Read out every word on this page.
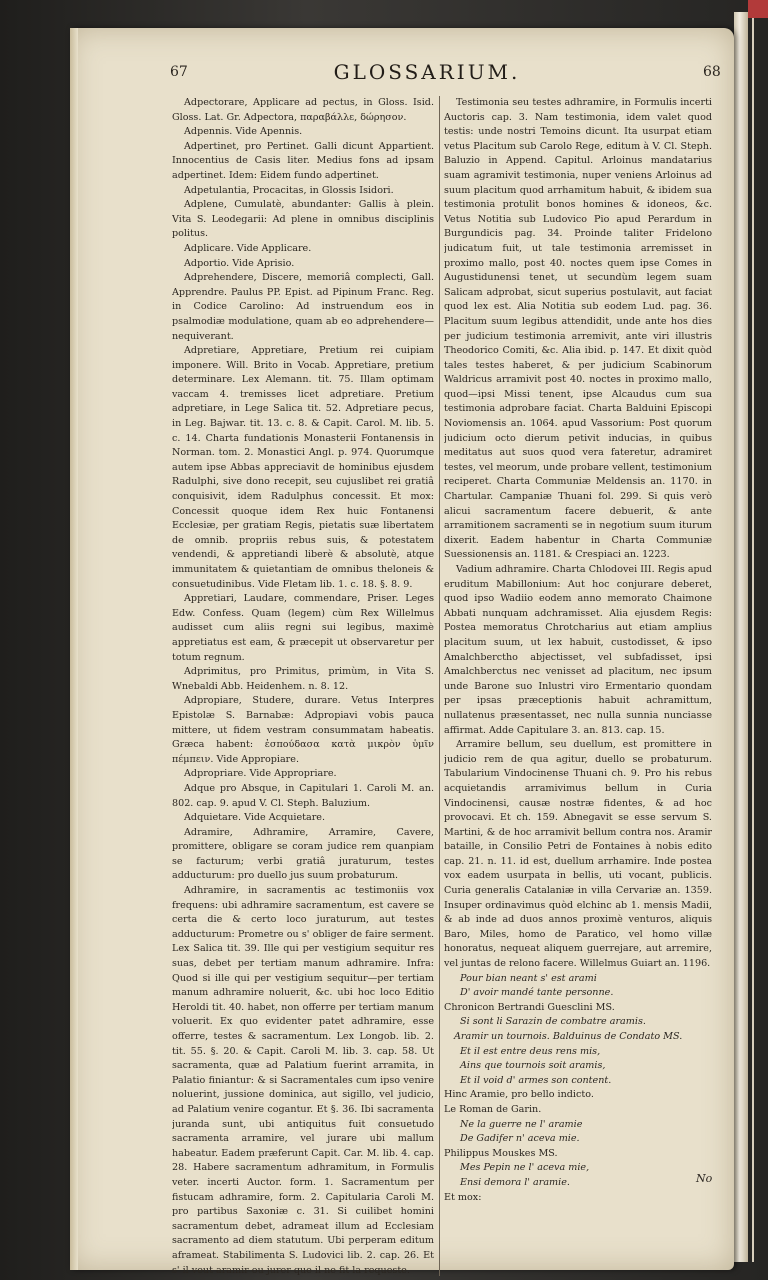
67	GLOSSARIUM.	68

Adpectorare, Applicare ad pectus, in Gloss. Isid. Gloss. Lat. Gr. Adpectora, παραβάλλε, δώρησον.

Adpennis. Vide Apennis.

Adpertinet, pro Pertinet. Galli dicunt Appartient. Innocentius de Casis liter. Medius fons ad ipsam adpertinet. Idem: Eidem fundo adpertinet.

Adpetulantia, Procacitas, in Glossis Isidori.

Adplene, Cumulatè, abundanter: Gallis à plein. Vita S. Leodegarii: Ad plene in omnibus disciplinis politus.

Adplicare. Vide Applicare.

Adportio. Vide Aprisio.

Adprehendere, Discere, memoriâ complecti, Gall. Apprendre. Paulus PP. Epist. ad Pipinum Franc. Reg. in Codice Carolino: Ad instruendum eos in psalmodiæ modulatione, quam ab eo adprehendere—nequiverant.

Adpretiare, Appretiare, Pretium rei cuipiam imponere. Will. Brito in Vocab. Appretiare, pretium determinare. Lex Alemann. tit. 75. Illam optimam vaccam 4. tremisses licet adpretiare. Pretium adpretiare, in Lege Salica tit. 52. Adpretiare pecus, in Leg. Bajwar. tit. 13. c. 8. & Capit. Carol. M. lib. 5. c. 14. Charta fundationis Monasterii Fontanensis in Norman. tom. 2. Monastici Angl. p. 974. Quorumque autem ipse Abbas appreciavit de hominibus ejusdem Radulphi, sive dono recepit, seu cujuslibet rei gratiâ conquisivit, idem Radulphus concessit. Et mox: Concessit quoque idem Rex huic Fontanensi Ecclesiæ, per gratiam Regis, pietatis suæ libertatem de omnib. propriis rebus suis, & potestatem vendendi, & appretiandi liberè & absolutè, atque immunitatem & quietantiam de omnibus theloneis & consuetudinibus. Vide Fletam lib. 1. c. 18. §. 8. 9.

Appretiari, Laudare, commendare, Priser. Leges Edw. Confess. Quam (legem) cùm Rex Willelmus audisset cum aliis regni sui legibus, maximè appretiatus est eam, & præcepit ut observaretur per totum regnum.

Adprimitus, pro Primitus, primùm, in Vita S. Wnebaldi Abb. Heidenhem. n. 8. 12.

Adpropiare, Studere, durare. Vetus Interpres Epistolæ S. Barnabæ: Adpropiavi vobis pauca mittere, ut fidem vestram consummatam habeatis. Græca habent: ἐσπούδασα κατὰ μικρὸν ὑμῖν πέμπειν. Vide Appropiare.

Adpropriare. Vide Appropriare.

Adque pro Absque, in Capitulari 1. Caroli M. an. 802. cap. 9. apud V. Cl. Steph. Baluzium.

Adquietare. Vide Acquietare.

Adramire, Adhramire, Arramire, Cavere, promittere, obligare se coram judice rem quanpiam se facturum; verbi gratiâ juraturum, testes adducturum: pro duello jus suum probaturum.

Adhramire, in sacramentis ac testimoniis vox frequens: ubi adhramire sacramentum, est cavere se certa die & certo loco juraturum, aut testes adducturum: Prometre ou s' obliger de faire serment. Lex Salica tit. 39. Ille qui per vestigium sequitur res suas, debet per tertiam manum adhramire. Infra: Quod si ille qui per vestigium sequitur—per tertiam manum adhramire noluerit, &c. ubi hoc loco Editio Heroldi tit. 40. habet, non offerre per tertiam manum voluerit. Ex quo evidenter patet adhramire, esse offerre, testes & sacramentum. Lex Longob. lib. 2. tit. 55. §. 20. & Capit. Caroli M. lib. 3. cap. 58. Ut sacramenta, quæ ad Palatium fuerint arramita, in Palatio finiantur: & si Sacramentales cum ipso venire noluerint, jussione dominica, aut sigillo, vel judicio, ad Palatium venire cogantur. Et §. 36. Ibi sacramenta juranda sunt, ubi antiquitus fuit consuetudo sacramenta arramire, vel jurare ubi mallum habeatur. Eadem præferunt Capit. Car. M. lib. 4. cap. 28. Habere sacramentum adhramitum, in Formulis veter. incerti Auctor. form. 1. Sacramentum per fistucam adhramire, form. 2. Capitularia Caroli M. pro partibus Saxoniæ c. 31. Si cuilibet homini sacramentum debet, adrameat illum ad Ecclesiam sacramento ad diem statutum. Ubi perperam editum aframeat. Stabilimenta S. Ludovici lib. 2. cap. 26. Et s' il veut aramir ou jurer que il ne fit la requeste.

Testimonia seu testes adhramire, in Formulis incerti Auctoris cap. 3. Nam testimonia, idem valet quod testis: unde nostri Temoins dicunt. Ita usurpat etiam vetus Placitum sub Carolo Rege, editum à V. Cl. Steph. Baluzio in Append. Capitul. Arloinus mandatarius suam agramivit testimonia, nuper veniens Arloinus ad suum placitum quod arrhamitum habuit, & ibidem sua testimonia protulit bonos homines & idoneos, &c. Vetus Notitia sub Ludovico Pio apud Perardum in Burgundicis pag. 34. Proinde taliter Fridelono judicatum fuit, ut tale testimonia arremisset in proximo mallo, post 40. noctes quem ipse Comes in Augustidunensi tenet, ut secundùm legem suam Salicam adprobat, sicut superius postulavit, aut faciat quod lex est. Alia Notitia sub eodem Lud. pag. 36. Placitum suum legibus attendidit, unde ante hos dies per judicium testimonia arremivit, ante viri illustris Theodorico Comiti, &c. Alia ibid. p. 147. Et dixit quòd tales testes haberet, & per judicium Scabinorum Waldricus arramivit post 40. noctes in proximo mallo, quod—ipsi Missi tenent, ipse Alcaudus cum sua testimonia adprobare faciat. Charta Balduini Episcopi Noviomensis an. 1064. apud Vassorium: Post quorum judicium octo dierum petivit inducias, in quibus meditatus aut suos quod vera fateretur, adramiret testes, vel meorum, unde probare vellent, testimonium reciperet. Charta Communiæ Meldensis an. 1170. in Chartular. Campaniæ Thuani fol. 299. Si quis verò alicui sacramentum facere debuerit, & ante arramitionem sacramenti se in negotium suum iturum dixerit. Eadem habentur in Charta Communiæ Suessionensis an. 1181. & Crespiaci an. 1223.

Vadium adhramire. Charta Chlodovei III. Regis apud eruditum Mabillonium: Aut hoc conjurare deberet, quod ipso Wadiio eodem anno memorato Chaimone Abbati nunquam adchramisset. Alia ejusdem Regis: Postea memoratus Chrotcharius aut etiam amplius placitum suum, ut lex habuit, custodisset, & ipso Amalchberctho abjectisset, vel subfadisset, ipsi Amalchberctus nec venisset ad placitum, nec ipsum unde Barone suo Inlustri viro Ermentario quondam per ipsas præceptionis habuit achramittum, nullatenus præsentasset, nec nulla sunnia nunciasse affirmat. Adde Capitulare 3. an. 813. cap. 15.

Arramire bellum, seu duellum, est promittere in judicio rem de qua agitur, duello se probaturum. Tabularium Vindocinense Thuani ch. 9. Pro his rebus acquietandis arramivimus bellum in Curia Vindocinensi, causæ nostræ fidentes, & ad hoc provocavi. Et ch. 159. Abnegavit se esse servum S. Martini, & de hoc arramivit bellum contra nos. Aramir bataille, in Consilio Petri de Fontaines à nobis edito cap. 21. n. 11. id est, duellum arrhamire. Inde postea vox eadem usurpata in bellis, uti vocant, publicis. Curia generalis Catalaniæ in villa Cervariæ an. 1359. Insuper ordinavimus quòd elchinc ab 1. mensis Madii, & ab inde ad duos annos proximè venturos, aliquis Baro, Miles, homo de Paratico, vel homo villæ honoratus, nequeat aliquem guerrejare, aut arremire, vel juntas de relono facere. Willelmus Guiart an. 1196.

Pour bian neant s' est arami

D' avoir mandé tante personne.

Chronicon Bertrandi Guesclini MS.

Si sont li Sarazin de combatre aramis.

Aramir un tournois. Balduinus de Condato MS.

Et il est entre deus rens mis,

Ains que tournois soit aramis,

Et il void d' armes son content.

Hinc Aramie, pro bello indicto.

Le Roman de Garin.

Ne la guerre ne l' aramie

De Gadifer n' aceva mie.

Philippus Mouskes MS.

Mes Pepin ne l' aceva mie,

Ensi demora l' aramie.

Et mox:

No
